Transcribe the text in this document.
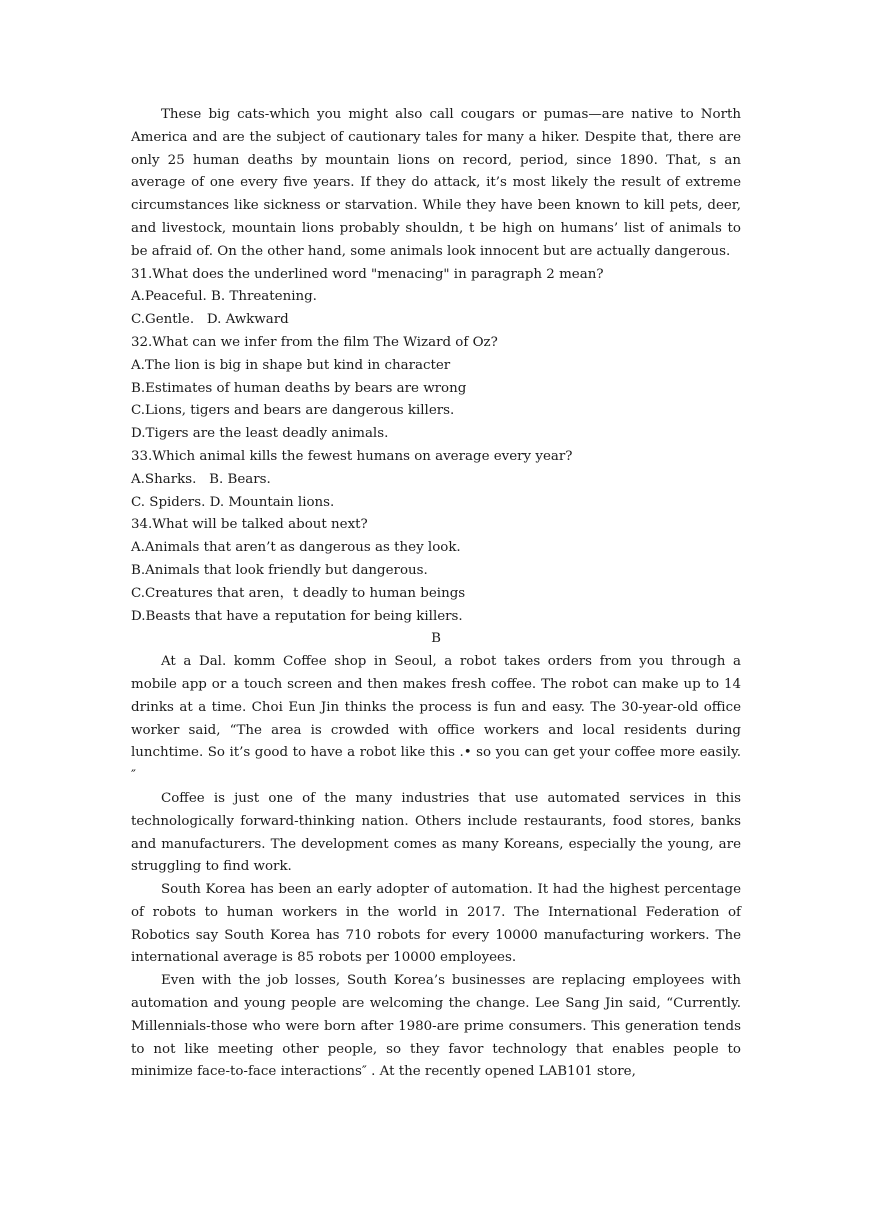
These big cats-which you might also call cougars or pumas—are native to North America and are the subject of cautionary tales for many a hiker. Despite that, there are only 25 human deaths by mountain lions on record, period, since 1890. That, s an average of one every five years. If they do attack, it’s most likely the result of extreme circumstances like sickness or starvation. While they have been known to kill pets, deer, and livestock, mountain lions probably shouldn, t be high on humans’ list of animals to be afraid of. On the other hand, some animals look innocent but are actually dangerous.

31.What does the underlined word "menacing" in paragraph 2 mean?

A.Peaceful. B. Threatening.

C.Gentle.   D. Awkward

32.What can we infer from the film The Wizard of Oz?

A.The lion is big in shape but kind in character

B.Estimates of human deaths by bears are wrong

C.Lions, tigers and bears are dangerous killers.

D.Tigers are the least deadly animals.

33.Which animal kills the fewest humans on average every year?

A.Sharks.   B. Bears.

C. Spiders. D. Mountain lions.

34.What will be talked about next?

A.Animals that aren’t as dangerous as they look.

B.Animals that look friendly but dangerous.

C.Creatures that aren，t deadly to human beings

D.Beasts that have a reputation for being killers.

B

At a Dal. komm Coffee shop in Seoul, a robot takes orders from you through a mobile app or a touch screen and then makes fresh coffee. The robot can make up to 14 drinks at a time. Choi Eun Jin thinks the process is fun and easy. The 30-year-old office worker said, “The area is crowded with office workers and local residents during lunchtime. So it’s good to have a robot like this .• so you can get your coffee more easily.″

Coffee is just one of the many industries that use automated services in this technologically forward-thinking nation. Others include restaurants, food stores, banks and manufacturers. The development comes as many Koreans, especially the young, are struggling to find work.

South Korea has been an early adopter of automation. It had the highest percentage of robots to human workers in the world in 2017. The International Federation of Robotics say South Korea has 710 robots for every 10000 manufacturing workers. The international average is 85 robots per 10000 employees.

Even with the job losses, South Korea’s businesses are replacing employees with automation and young people are welcoming the change. Lee Sang Jin said, “Currently. Millennials-those who were born after 1980-are prime consumers. This generation tends to not like meeting other people, so they favor technology that enables people to minimize face-to-face interactions″ . At the recently opened LAB101 store,
